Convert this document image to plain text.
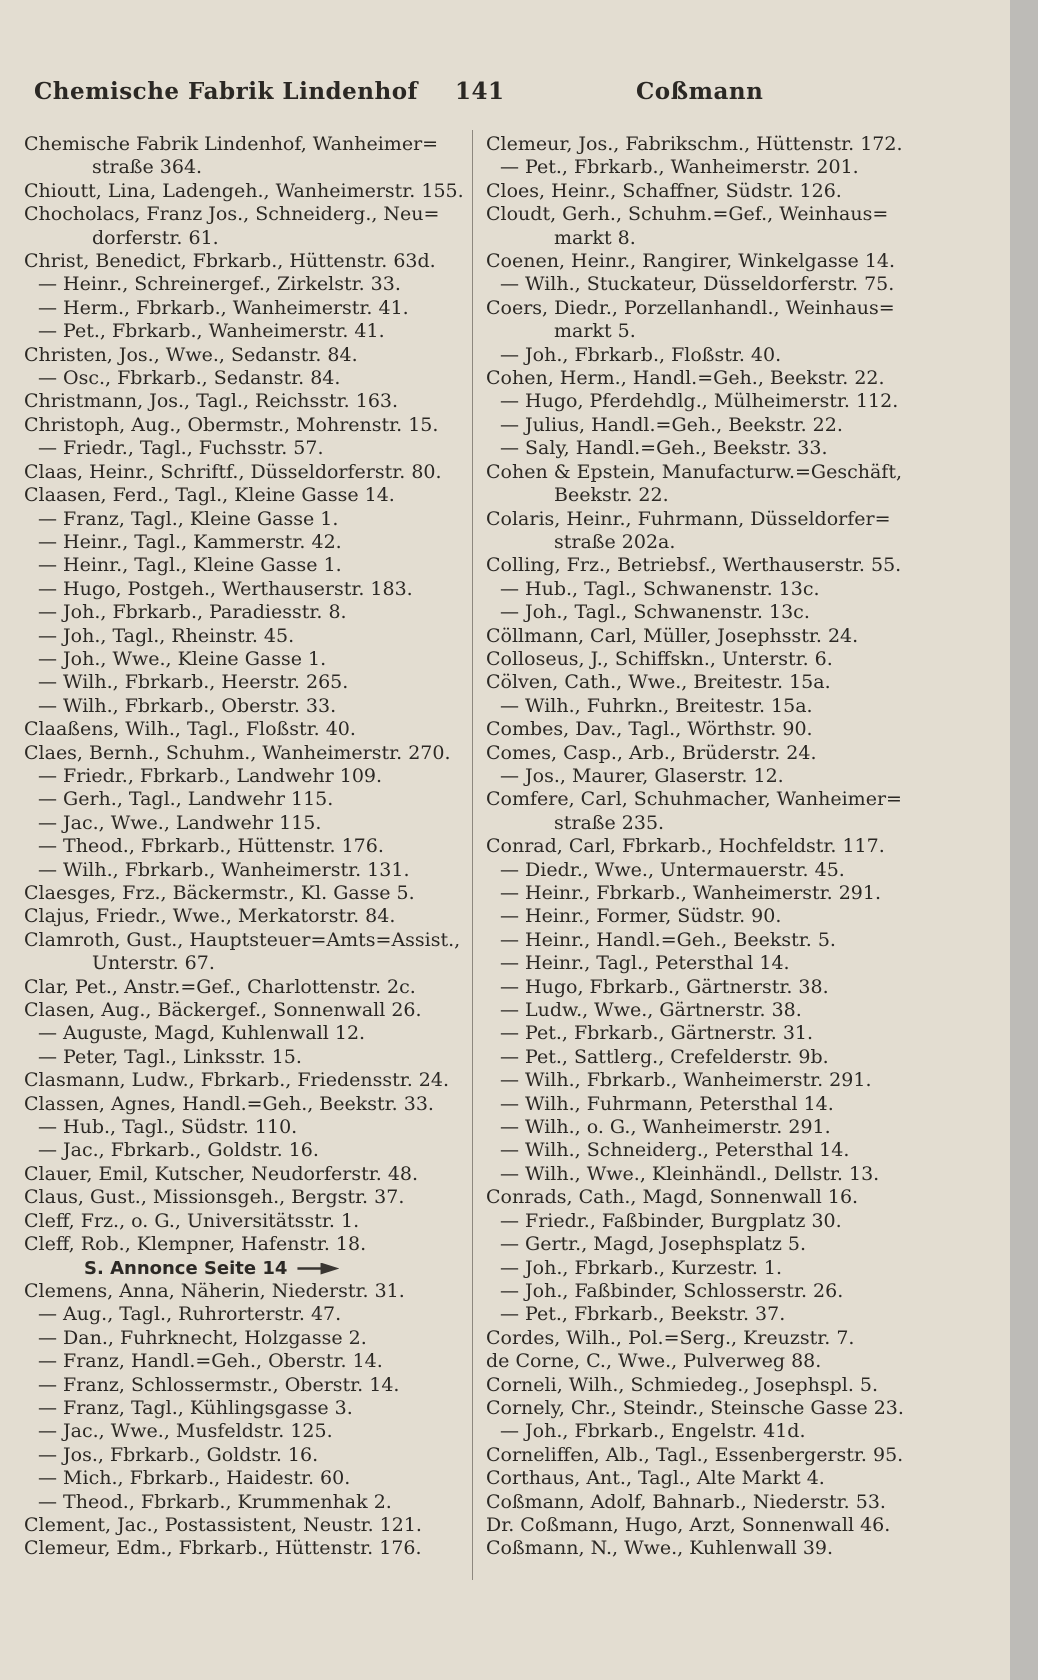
Chemische Fabrik Lindenhof 141	Coßmann
Chemische Fabrik Lindenhof, Wanheimer=
straße 364.
Chioutt, Lina, Ladengeh., Wanheimerstr. 155.
Chocholacs, Franz Jos., Schneiderg., Neu=
dorferstr. 61.
Christ, Benedict, Fbrkarb., Hüttenstr. 63d.
— Heinr., Schreinergef., Zirkelstr. 33.
— Herm., Fbrkarb., Wanheimerstr. 41.
— Pet., Fbrkarb., Wanheimerstr. 41.
Christen, Jos., Wwe., Sedanstr. 84.
— Osc., Fbrkarb., Sedanstr. 84.
Christmann, Jos., Tagl., Reichsstr. 163.
Christoph, Aug., Obermstr., Mohrenstr. 15.
— Friedr., Tagl., Fuchsstr. 57.
Claas, Heinr., Schriftf., Düsseldorferstr. 80.
Claasen, Ferd., Tagl., Kleine Gasse 14.
— Franz, Tagl., Kleine Gasse 1.
— Heinr., Tagl., Kammerstr. 42.
— Heinr., Tagl., Kleine Gasse 1.
— Hugo, Postgeh., Werthauserstr. 183.
— Joh., Fbrkarb., Paradiesstr. 8.
— Joh., Tagl., Rheinstr. 45.
— Joh., Wwe., Kleine Gasse 1.
— Wilh., Fbrkarb., Heerstr. 265.
— Wilh., Fbrkarb., Oberstr. 33.
Claaßens, Wilh., Tagl., Floßstr. 40.
Claes, Bernh., Schuhm., Wanheimerstr. 270.
— Friedr., Fbrkarb., Landwehr 109.
— Gerh., Tagl., Landwehr 115.
— Jac., Wwe., Landwehr 115.
— Theod., Fbrkarb., Hüttenstr. 176.
— Wilh., Fbrkarb., Wanheimerstr. 131.
Claesges, Frz., Bäckermstr., Kl. Gasse 5.
Clajus, Friedr., Wwe., Merkatorstr. 84.
Clamroth, Gust., Hauptsteuer=Amts=Assist.,
Unterstr. 67.
Clar, Pet., Anstr.=Gef., Charlottenstr. 2c.
Clasen, Aug., Bäckergef., Sonnenwall 26.
— Auguste, Magd, Kuhlenwall 12.
— Peter, Tagl., Linksstr. 15.
Clasmann, Ludw., Fbrkarb., Friedensstr. 24.
Classen, Agnes, Handl.=Geh., Beekstr. 33.
— Hub., Tagl., Südstr. 110.
— Jac., Fbrkarb., Goldstr. 16.
Clauer, Emil, Kutscher, Neudorferstr. 48.
Claus, Gust., Missionsgeh., Bergstr. 37.
Cleff, Frz., o. G., Universitätsstr. 1.
Cleff, Rob., Klempner, Hafenstr. 18.
S. Annonce Seite 14
Clemens, Anna, Näherin, Niederstr. 31.
— Aug., Tagl., Ruhrorterstr. 47.
— Dan., Fuhrknecht, Holzgasse 2.
— Franz, Handl.=Geh., Oberstr. 14.
— Franz, Schlossermstr., Oberstr. 14.
— Franz, Tagl., Kühlingsgasse 3.
— Jac., Wwe., Musfeldstr. 125.
— Jos., Fbrkarb., Goldstr. 16.
— Mich., Fbrkarb., Haidestr. 60.
— Theod., Fbrkarb., Krummenhak 2.
Clement, Jac., Postassistent, Neustr. 121.
Clemeur, Edm., Fbrkarb., Hüttenstr. 176.
Clemeur, Jos., Fabrikschm., Hüttenstr. 172.
— Pet., Fbrkarb., Wanheimerstr. 201.
Cloes, Heinr., Schaffner, Südstr. 126.
Cloudt, Gerh., Schuhm.=Gef., Weinhaus=
markt 8.
Coenen, Heinr., Rangirer, Winkelgasse 14.
— Wilh., Stuckateur, Düsseldorferstr. 75.
Coers, Diedr., Porzellanhandl., Weinhaus=
markt 5.
— Joh., Fbrkarb., Floßstr. 40.
Cohen, Herm., Handl.=Geh., Beekstr. 22.
— Hugo, Pferdehdlg., Mülheimerstr. 112.
— Julius, Handl.=Geh., Beekstr. 22.
— Saly, Handl.=Geh., Beekstr. 33.
Cohen & Epstein, Manufacturw.=Geschäft,
Beekstr. 22.
Colaris, Heinr., Fuhrmann, Düsseldorfer=
straße 202a.
Colling, Frz., Betriebsf., Werthauserstr. 55.
— Hub., Tagl., Schwanenstr. 13c.
— Joh., Tagl., Schwanenstr. 13c.
Cöllmann, Carl, Müller, Josephsstr. 24.
Colloseus, J., Schiffskn., Unterstr. 6.
Cölven, Cath., Wwe., Breitestr. 15a.
— Wilh., Fuhrkn., Breitestr. 15a.
Combes, Dav., Tagl., Wörthstr. 90.
Comes, Casp., Arb., Brüderstr. 24.
— Jos., Maurer, Glaserstr. 12.
Comfere, Carl, Schuhmacher, Wanheimer=
straße 235.
Conrad, Carl, Fbrkarb., Hochfeldstr. 117.
— Diedr., Wwe., Untermauerstr. 45.
— Heinr., Fbrkarb., Wanheimerstr. 291.
— Heinr., Former, Südstr. 90.
— Heinr., Handl.=Geh., Beekstr. 5.
— Heinr., Tagl., Petersthal 14.
— Hugo, Fbrkarb., Gärtnerstr. 38.
— Ludw., Wwe., Gärtnerstr. 38.
— Pet., Fbrkarb., Gärtnerstr. 31.
— Pet., Sattlerg., Crefelderstr. 9b.
— Wilh., Fbrkarb., Wanheimerstr. 291.
— Wilh., Fuhrmann, Petersthal 14.
— Wilh., o. G., Wanheimerstr. 291.
— Wilh., Schneiderg., Petersthal 14.
— Wilh., Wwe., Kleinhändl., Dellstr. 13.
Conrads, Cath., Magd, Sonnenwall 16.
— Friedr., Faßbinder, Burgplatz 30.
— Gertr., Magd, Josephsplatz 5.
— Joh., Fbrkarb., Kurzestr. 1.
— Joh., Faßbinder, Schlosserstr. 26.
— Pet., Fbrkarb., Beekstr. 37.
Cordes, Wilh., Pol.=Serg., Kreuzstr. 7.
de Corne, C., Wwe., Pulverweg 88.
Corneli, Wilh., Schmiedeg., Josephspl. 5.
Cornely, Chr., Steindr., Steinsche Gasse 23.
— Joh., Fbrkarb., Engelstr. 41d.
Corneliffen, Alb., Tagl., Essenbergerstr. 95.
Corthaus, Ant., Tagl., Alte Markt 4.
Coßmann, Adolf, Bahnarb., Niederstr. 53.
Dr. Coßmann, Hugo, Arzt, Sonnenwall 46.
Coßmann, N., Wwe., Kuhlenwall 39.
